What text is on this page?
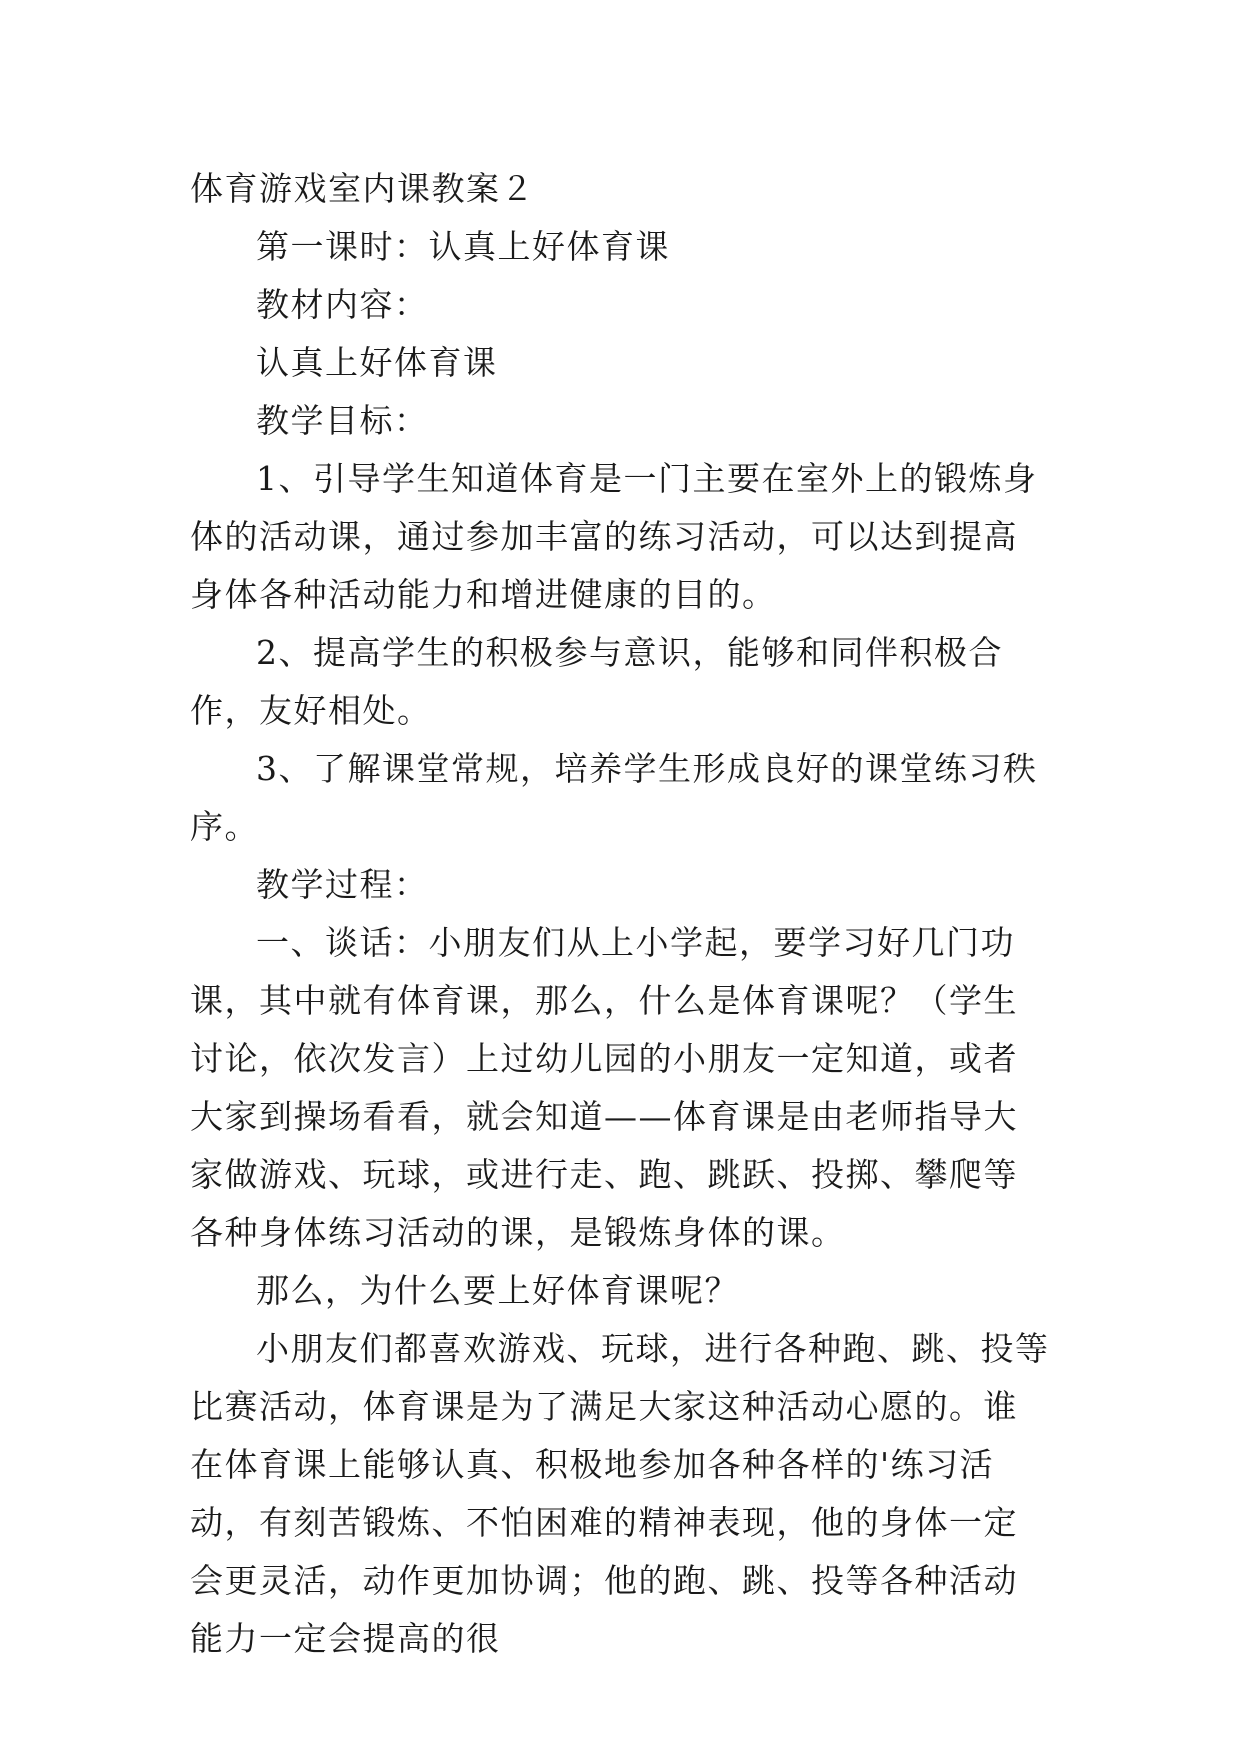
体育游戏室内课教案２

第一课时：认真上好体育课

教材内容：

认真上好体育课

教学目标：

1、引导学生知道体育是一门主要在室外上的锻炼身体的活动课，通过参加丰富的练习活动，可以达到提高身体各种活动能力和增进健康的目的。

2、提高学生的积极参与意识，能够和同伴积极合作，友好相处。

3、了解课堂常规，培养学生形成良好的课堂练习秩序。

教学过程：

一、谈话：小朋友们从上小学起，要学习好几门功课，其中就有体育课，那么，什么是体育课呢？（学生讨论，依次发言）上过幼儿园的小朋友一定知道，或者大家到操场看看，就会知道——体育课是由老师指导大家做游戏、玩球，或进行走、跑、跳跃、投掷、攀爬等各种身体练习活动的课，是锻炼身体的课。

那么，为什么要上好体育课呢？

小朋友们都喜欢游戏、玩球，进行各种跑、跳、投等比赛活动，体育课是为了满足大家这种活动心愿的。谁在体育课上能够认真、积极地参加各种各样的'练习活动，有刻苦锻炼、不怕困难的精神表现，他的身体一定会更灵活，动作更加协调；他的跑、跳、投等各种活动能力一定会提高的很
